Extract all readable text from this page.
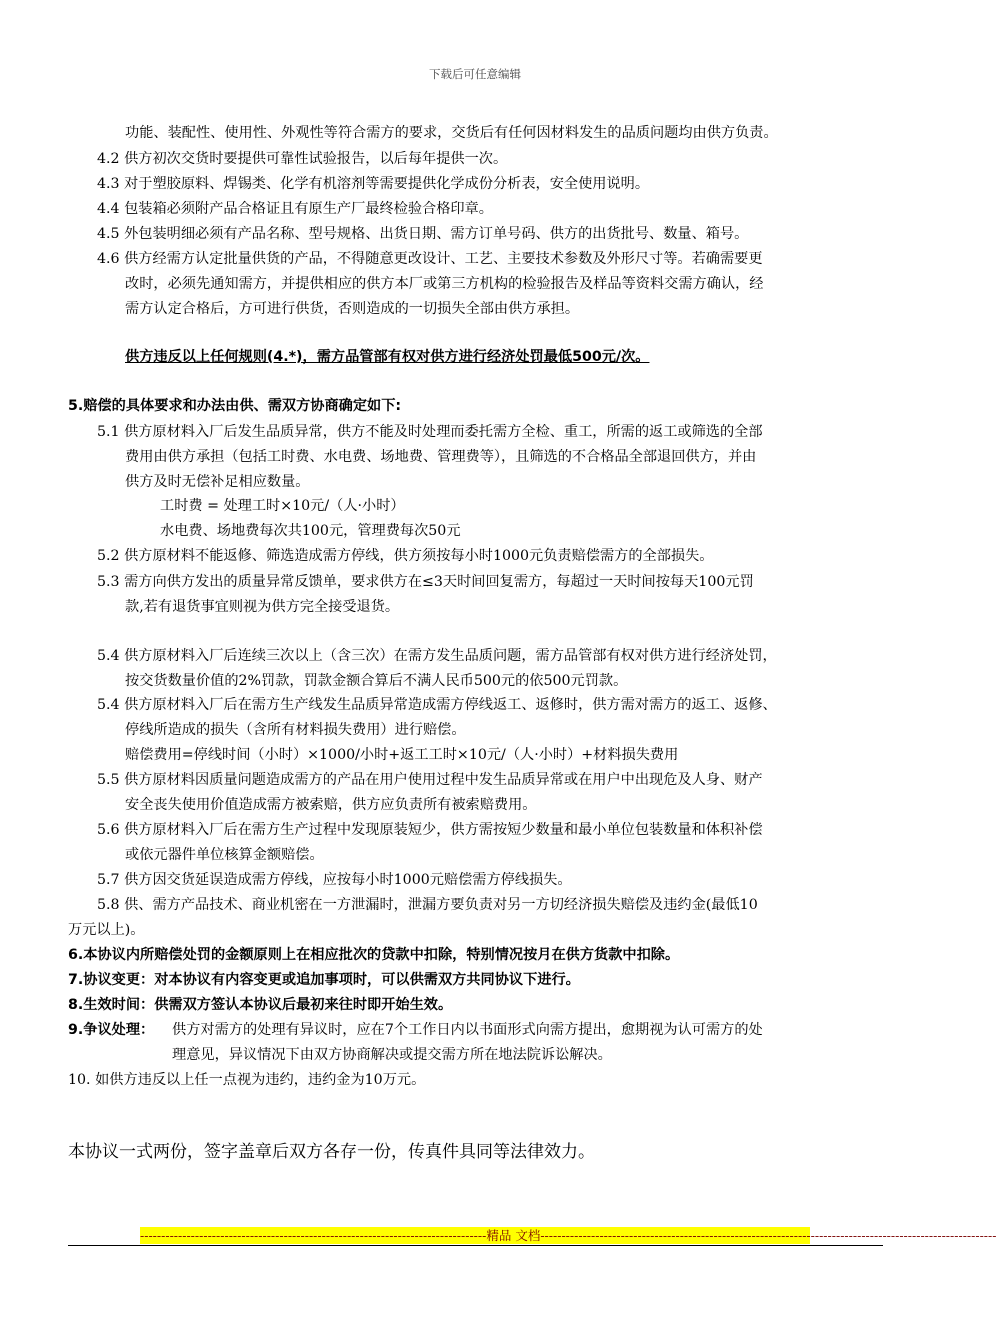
下载后可任意编辑
功能、装配性、使用性、外观性等符合需方的要求，交货后有任何因材料发生的品质问题均由供方负责。
4.2 供方初次交货时要提供可靠性试验报告，以后每年提供一次。
4.3 对于塑胶原料、焊锡类、化学有机溶剂等需要提供化学成份分析表，安全使用说明。
4.4 包装箱必须附产品合格证且有原生产厂最终检验合格印章。
4.5 外包装明细必须有产品名称、型号规格、出货日期、需方订单号码、供方的出货批号、数量、箱号。
4.6 供方经需方认定批量供货的产品，不得随意更改设计、工艺、主要技术参数及外形尺寸等。若确需要更
改时，必须先通知需方，并提供相应的供方本厂或第三方机构的检验报告及样品等资料交需方确认，经
需方认定合格后，方可进行供货，否则造成的一切损失全部由供方承担。
供方违反以上任何规则(4.*)，需方品管部有权对供方进行经济处罚最低500元/次。
5.赔偿的具体要求和办法由供、需双方协商确定如下:
5.1 供方原材料入厂后发生品质异常，供方不能及时处理而委托需方全检、重工，所需的返工或筛选的全部
费用由供方承担（包括工时费、水电费、场地费、管理费等），且筛选的不合格品全部退回供方，并由
供方及时无偿补足相应数量。
工时费 = 处理工时×10元/（人·小时）
水电费、场地费每次共100元，管理费每次50元
5.2 供方原材料不能返修、筛选造成需方停线，供方须按每小时1000元负责赔偿需方的全部损失。
5.3 需方向供方发出的质量异常反馈单，要求供方在≤3天时间回复需方，每超过一天时间按每天100元罚
款,若有退货事宜则视为供方完全接受退货。
5.4 供方原材料入厂后连续三次以上（含三次）在需方发生品质问题，需方品管部有权对供方进行经济处罚，
按交货数量价值的2%罚款，罚款金额合算后不满人民币500元的依500元罚款。
5.4 供方原材料入厂后在需方生产线发生品质异常造成需方停线返工、返修时，供方需对需方的返工、返修、
停线所造成的损失（含所有材料损失费用）进行赔偿。
赔偿费用=停线时间（小时）×1000/小时+返工工时×10元/（人·小时）+材料损失费用
5.5 供方原材料因质量问题造成需方的产品在用户使用过程中发生品质异常或在用户中出现危及人身、财产
安全丧失使用价值造成需方被索赔，供方应负责所有被索赔费用。
5.6 供方原材料入厂后在需方生产过程中发现原装短少，供方需按短少数量和最小单位包装数量和体积补偿
或依元器件单位核算金额赔偿。
5.7 供方因交货延误造成需方停线，应按每小时1000元赔偿需方停线损失。
5.8 供、需方产品技术、商业机密在一方泄漏时，泄漏方要负责对另一方切经济损失赔偿及违约金(最低10
万元以上)。
6.本协议内所赔偿处罚的金额原则上在相应批次的贷款中扣除，特别情况按月在供方货款中扣除。
7.协议变更：对本协议有内容变更或追加事项时，可以供需双方共同协议下进行。
8.生效时间：供需双方签认本协议后最初来往时即开始生效。
9.争议处理： 供方对需方的处理有异议时，应在7个工作日内以书面形式向需方提出，愈期视为认可需方的处
理意见，异议情况下由双方协商解决或提交需方所在地法院诉讼解决。
10. 如供方违反以上任一点视为违约，违约金为10万元。
本协议一式两份，签字盖章后双方各存一份，传真件具同等法律效力。
----------------------------------------------------------------------------------精品 文档------------------------------------------------------------------------------------------------------------
